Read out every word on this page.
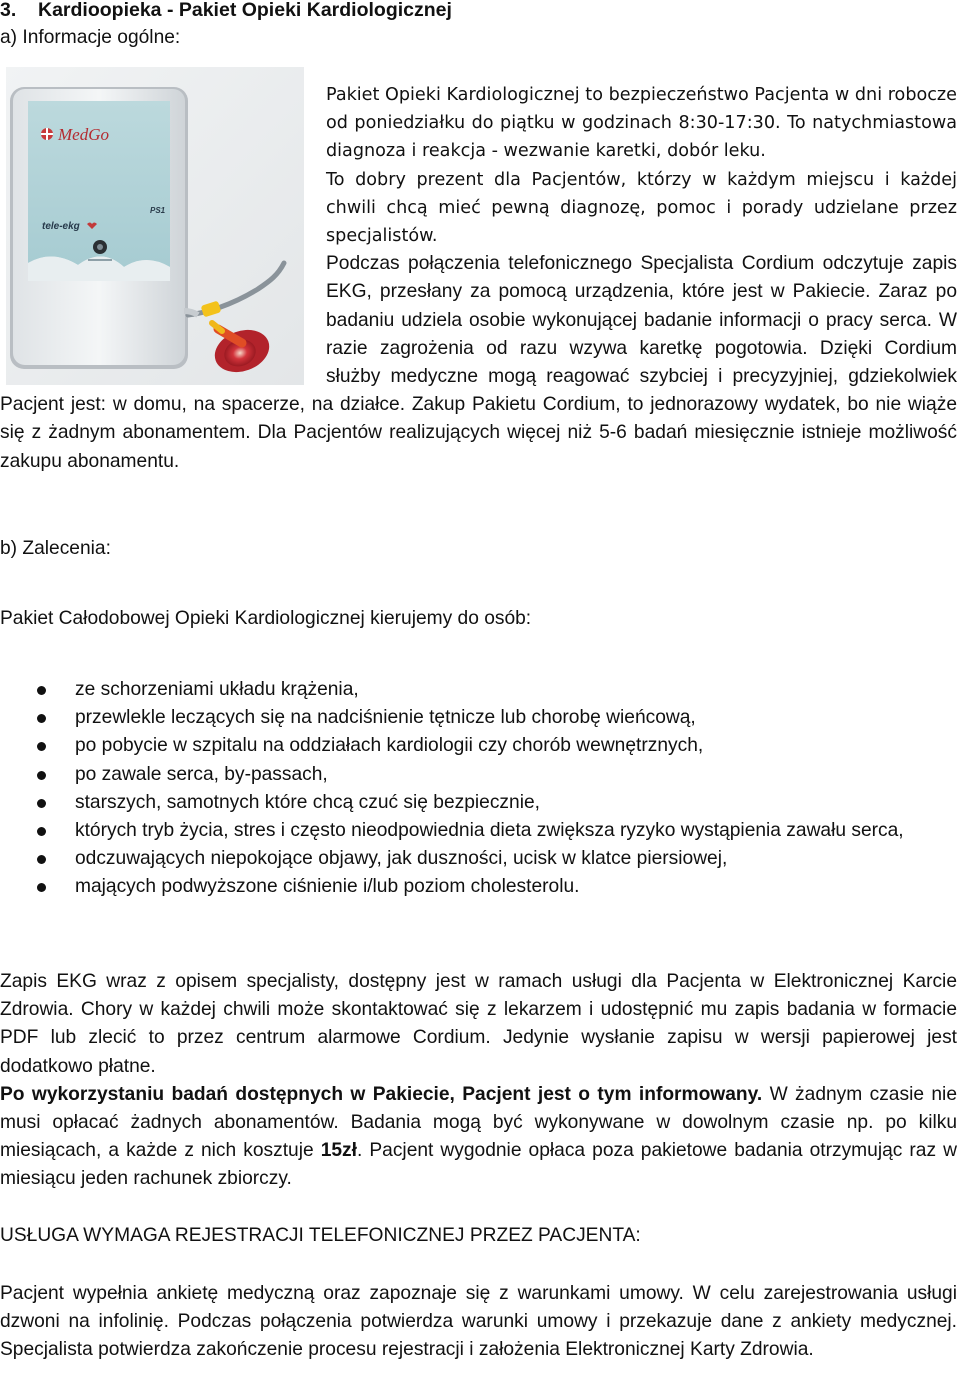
3. Kardioopieka - Pakiet Opieki Kardiologicznej
a) Informacje ogólne:
MedGo
PS1
tele-ekg

Pakiet Opieki Kardiologicznej to bezpieczeństwo Pacjenta w dni robocze od poniedziałku do piątku w godzinach 8:30-17:30. To natychmiastowa diagnoza i reakcja - wezwanie karetki, dobór leku.

To dobry prezent dla Pacjentów, którzy w każdym miejscu i każdej chwili chcą mieć pewną diagnozę, pomoc i porady udzielane przez specjalistów.

Podczas połączenia telefonicznego Specjalista Cordium odczytuje zapis EKG, przesłany za pomocą urządzenia, które jest w Pakiecie. Zaraz po badaniu udziela osobie wykonującej badanie informacji o pracy serca. W razie zagrożenia od razu wzywa karetkę pogotowia. Dzięki Cordium służby medyczne mogą reagować szybciej i precyzyjniej, gdziekolwiek Pacjent jest: w domu, na spacerze, na działce. Zakup Pakietu Cordium, to jednorazowy wydatek, bo nie wiąże się z żadnym abonamentem. Dla Pacjentów realizujących więcej niż 5-6 badań miesięcznie istnieje możliwość zakupu abonamentu.

b) Zalecenia:
Pakiet Całodobowej Opieki Kardiologicznej kierujemy do osób:
ze schorzeniami układu krążenia,
przewlekle leczących się na nadciśnienie tętnicze lub chorobę wieńcową,
po pobycie w szpitalu na oddziałach kardiologii czy chorób wewnętrznych,
po zawale serca, by-passach,
starszych, samotnych które chcą czuć się bezpiecznie,
których tryb życia, stres i często nieodpowiednia dieta zwiększa ryzyko wystąpienia zawału serca,
odczuwających niepokojące objawy, jak duszności, ucisk w klatce piersiowej,
mających podwyższone ciśnienie i/lub poziom cholesterolu.

Zapis EKG wraz z opisem specjalisty, dostępny jest w ramach usługi dla Pacjenta w Elektronicznej Karcie Zdrowia. Chory w każdej chwili może skontaktować się z lekarzem i udostępnić mu zapis badania w formacie PDF lub zlecić to przez centrum alarmowe Cordium. Jedynie wysłanie zapisu w wersji papierowej jest dodatkowo płatne.
Po wykorzystaniu badań dostępnych w Pakiecie, Pacjent jest o tym informowany. W żadnym czasie nie musi opłacać żadnych abonamentów. Badania mogą być wykonywane w dowolnym czasie np. po kilku miesiącach, a każde z nich kosztuje 15zł. Pacjent wygodnie opłaca poza pakietowe badania otrzymując raz w miesiącu jeden rachunek zbiorczy.

USŁUGA WYMAGA REJESTRACJI TELEFONICZNEJ PRZEZ PACJENTA:

Pacjent wypełnia ankietę medyczną oraz zapoznaje się z warunkami umowy. W celu zarejestrowania usługi dzwoni na infolinię. Podczas połączenia potwierdza warunki umowy i przekazuje dane z ankiety medycznej. Specjalista potwierdza zakończenie procesu rejestracji i założenia Elektronicznej Karty Zdrowia.
